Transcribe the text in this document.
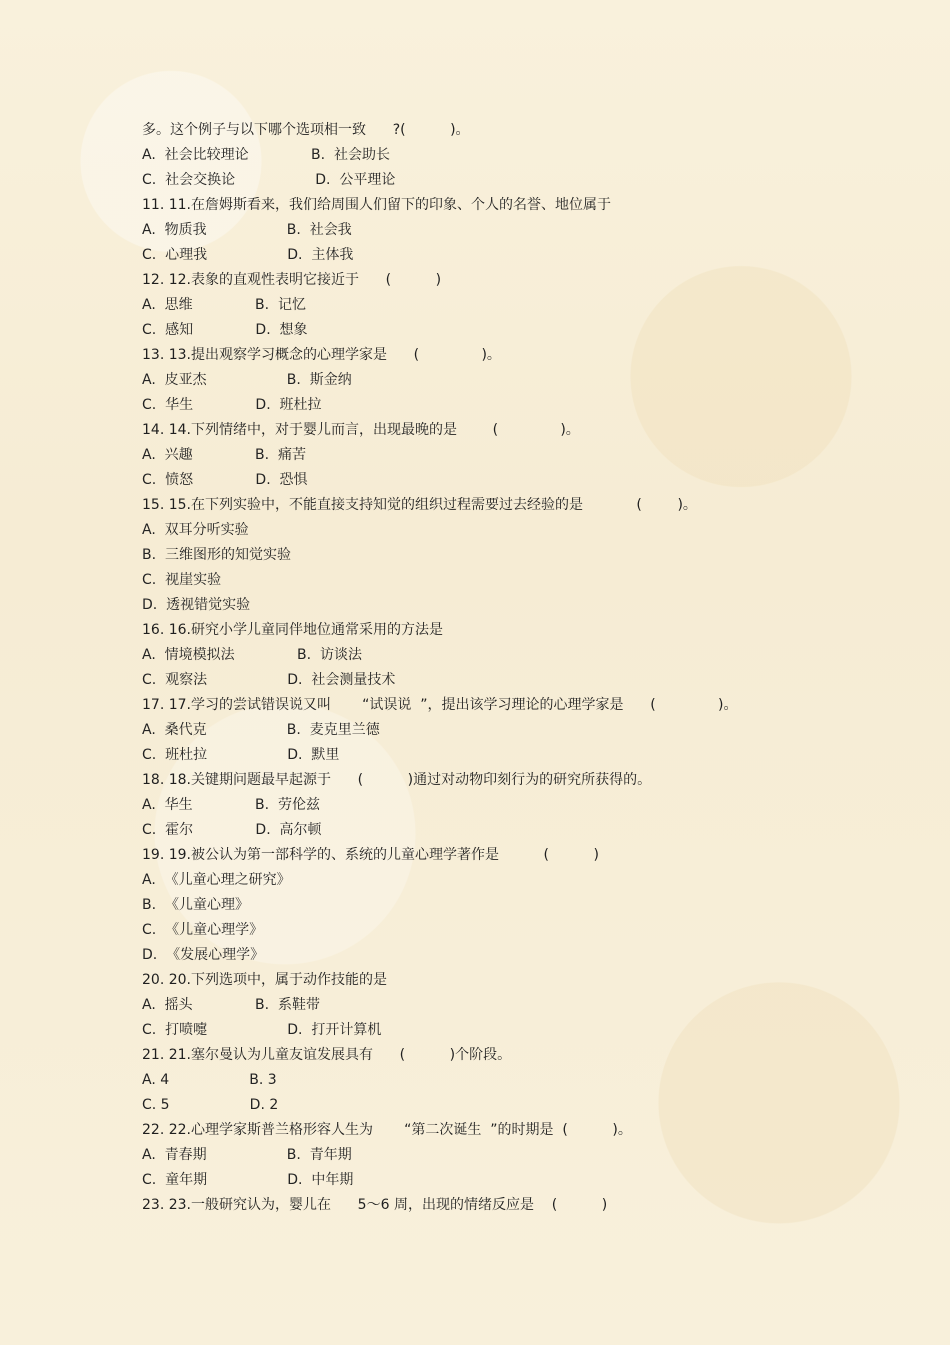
多。这个例子与以下哪个选项相一致      ?(          )。
A.  社会比较理论              B.  社会助长
C.  社会交换论                  D.  公平理论
11. 11.在詹姆斯看来，我们给周围人们留下的印象、个人的名誉、地位属于
A.  物质我                  B.  社会我
C.  心理我                  D.  主体我
12. 12.表象的直观性表明它接近于      (          )
A.  思维              B.  记忆
C.  感知              D.  想象
13. 13.提出观察学习概念的心理学家是      (              )。
A.  皮亚杰                  B.  斯金纳
C.  华生              D.  班杜拉
14. 14.下列情绪中，对于婴儿而言，出现最晚的是        (              )。
A.  兴趣              B.  痛苦
C.  愤怒              D.  恐惧
15. 15.在下列实验中，不能直接支持知觉的组织过程需要过去经验的是            (        )。
A.  双耳分听实验
B.  三维图形的知觉实验
C.  视崖实验
D.  透视错觉实验
16. 16.研究小学儿童同伴地位通常采用的方法是
A.  情境模拟法              B.  访谈法
C.  观察法                  D.  社会测量技术
17. 17.学习的尝试错误说又叫       “试误说  ”，提出该学习理论的心理学家是      (              )。
A.  桑代克                  B.  麦克里兰德
C.  班杜拉                  D.  默里
18. 18.关键期问题最早起源于      (          )通过对动物印刻行为的研究所获得的。
A.  华生              B.  劳伦兹
C.  霍尔              D.  高尔顿
19. 19.被公认为第一部科学的、系统的儿童心理学著作是          (          )
A.  《儿童心理之研究》
B.  《儿童心理》
C.  《儿童心理学》
D.  《发展心理学》
20. 20.下列选项中，属于动作技能的是
A.  摇头              B.  系鞋带
C.  打喷嚏                  D.  打开计算机
21. 21.塞尔曼认为儿童友谊发展具有      (          )个阶段。
A. 4                  B. 3
C. 5                  D. 2
22. 22.心理学家斯普兰格形容人生为       “第二次诞生  ”的时期是  (          )。
A.  青春期                  B.  青年期
C.  童年期                  D.  中年期
23. 23.一般研究认为，婴儿在      5～6 周，出现的情绪反应是    (          )
